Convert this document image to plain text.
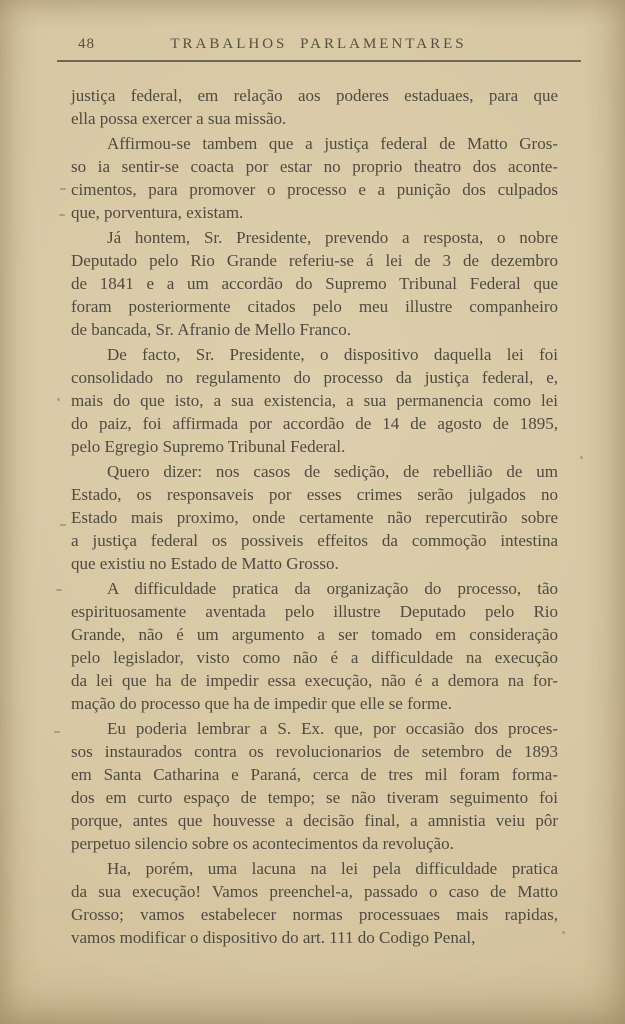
48	TRABALHOS PARLAMENTARES
justiça federal, em relação aos poderes estaduaes, para que
ella possa exercer a sua missão.
Affirmou-se tambem que a justiça federal de Matto Gros-
so ia sentir-se coacta por estar no proprio theatro dos aconte-
cimentos, para promover o processo e a punição dos culpados
que, porventura, existam.
Já hontem, Sr. Presidente, prevendo a resposta, o nobre
Deputado pelo Rio Grande referiu-se á lei de 3 de dezembro
de 1841 e a um accordão do Supremo Tribunal Federal que
foram posteriormente citados pelo meu illustre companheiro
de bancada, Sr. Afranio de Mello Franco.
De facto, Sr. Presidente, o dispositivo daquella lei foi
consolidado no regulamento do processo da justiça federal, e,
mais do que isto, a sua existencia, a sua permanencia como lei
do paiz, foi affirmada por accordão de 14 de agosto de 1895,
pelo Egregio Supremo Tribunal Federal.
Quero dizer: nos casos de sedição, de rebellião de um
Estado, os responsaveis por esses crimes serão julgados no
Estado mais proximo, onde certamente não repercutirão sobre
a justiça federal os possiveis effeitos da commoção intestina
que existiu no Estado de Matto Grosso.
A difficuldade pratica da organização do processo, tão
espirituosamente aventada pelo illustre Deputado pelo Rio
Grande, não é um argumento a ser tomado em consideração
pelo legislador, visto como não é a difficuldade na execução
da lei que ha de impedir essa execução, não é a demora na for-
mação do processo que ha de impedir que elle se forme.
Eu poderia lembrar a S. Ex. que, por occasião dos proces-
sos instaurados contra os revolucionarios de setembro de 1893
em Santa Catharina e Paraná, cerca de tres mil foram forma-
dos em curto espaço de tempo; se não tiveram seguimento foi
porque, antes que houvesse a decisão final, a amnistia veiu pôr
perpetuo silencio sobre os acontecimentos da revolução.
Ha, porém, uma lacuna na lei pela difficuldade pratica
da sua execução! Vamos preenchel-a, passado o caso de Matto
Grosso; vamos estabelecer normas processuaes mais rapidas,
vamos modificar o dispositivo do art. 111 do Codigo Penal,
